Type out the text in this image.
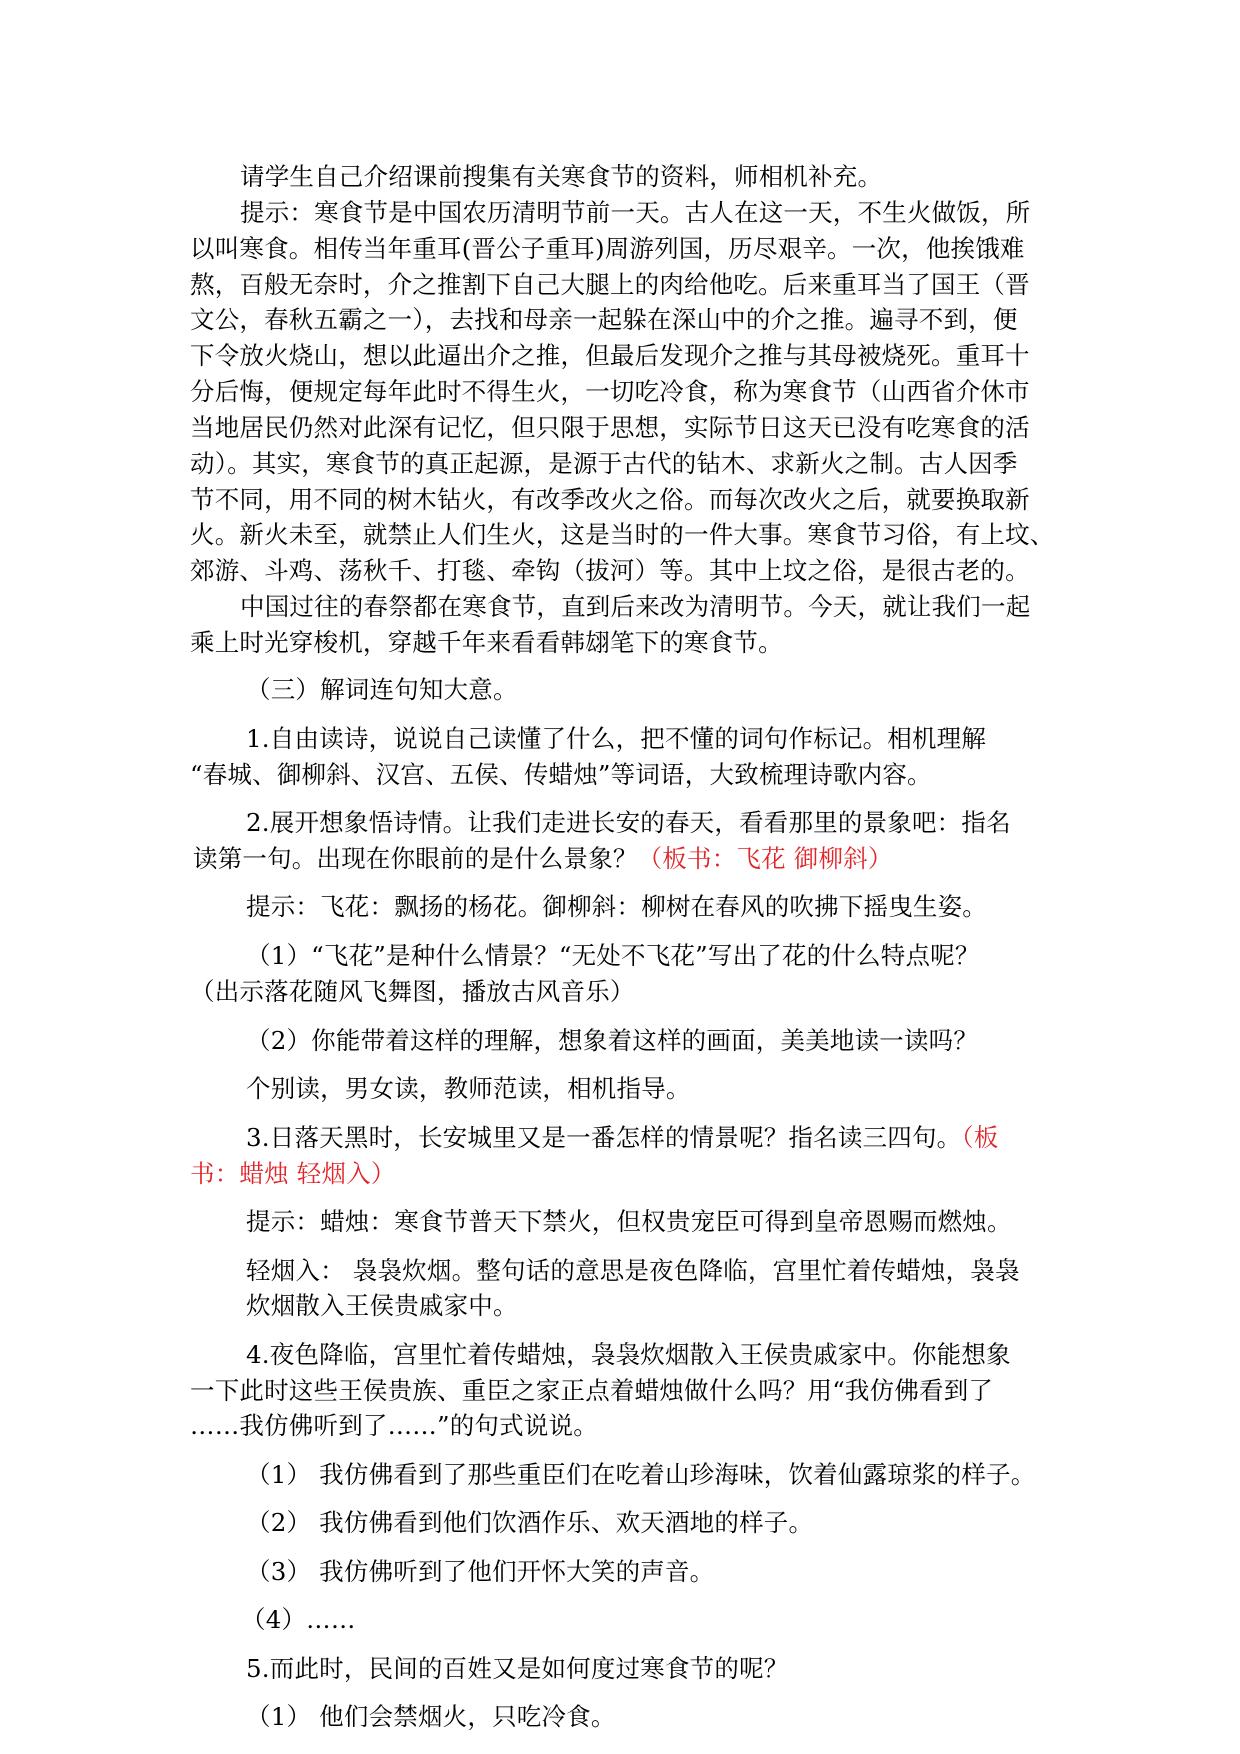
请学生自己介绍课前搜集有关寒食节的资料，师相机补充。
提示：寒食节是中国农历清明节前一天。古人在这一天，不生火做饭，所
以叫寒食。相传当年重耳(晋公子重耳)周游列国，历尽艰辛。一次，他挨饿难
熬，百般无奈时，介之推割下自己大腿上的肉给他吃。后来重耳当了国王（晋
文公，春秋五霸之一），去找和母亲一起躲在深山中的介之推。遍寻不到，便
下令放火烧山，想以此逼出介之推，但最后发现介之推与其母被烧死。重耳十
分后悔，便规定每年此时不得生火，一切吃冷食，称为寒食节（山西省介休市
当地居民仍然对此深有记忆，但只限于思想，实际节日这天已没有吃寒食的活
动）。其实，寒食节的真正起源，是源于古代的钻木、求新火之制。古人因季
节不同，用不同的树木钻火，有改季改火之俗。而每次改火之后，就要换取新
火。新火未至，就禁止人们生火，这是当时的一件大事。寒食节习俗，有上坟、
郊游、斗鸡、荡秋千、打毯、牵钩（拔河）等。其中上坟之俗，是很古老的。
中国过往的春祭都在寒食节，直到后来改为清明节。今天，就让我们一起
乘上时光穿梭机，穿越千年来看看韩翃笔下的寒食节。
（三）解词连句知大意。
1.自由读诗，说说自己读懂了什么，把不懂的词句作标记。相机理解
“春城、御柳斜、汉宫、五侯、传蜡烛”等词语，大致梳理诗歌内容。
2.展开想象悟诗情。让我们走进长安的春天，看看那里的景象吧：指名
读第一句。出现在你眼前的是什么景象？（板书：飞花 御柳斜）
提示：飞花：飘扬的杨花。御柳斜：柳树在春风的吹拂下摇曳生姿。
（1）“飞花”是种什么情景？“无处不飞花”写出了花的什么特点呢？
（出示落花随风飞舞图，播放古风音乐）
（2）你能带着这样的理解，想象着这样的画面，美美地读一读吗？
个别读，男女读，教师范读，相机指导。
3.日落天黑时，长安城里又是一番怎样的情景呢？指名读三四句。（板
书：蜡烛 轻烟入）
提示：蜡烛：寒食节普天下禁火，但权贵宠臣可得到皇帝恩赐而燃烛。
轻烟入： 袅袅炊烟。整句话的意思是夜色降临，宫里忙着传蜡烛，袅袅
炊烟散入王侯贵戚家中。
4.夜色降临，宫里忙着传蜡烛，袅袅炊烟散入王侯贵戚家中。你能想象
一下此时这些王侯贵族、重臣之家正点着蜡烛做什么吗？用“我仿佛看到了
……我仿佛听到了……”的句式说说。
（1） 我仿佛看到了那些重臣们在吃着山珍海味，饮着仙露琼浆的样子。
（2） 我仿佛看到他们饮酒作乐、欢天酒地的样子。
（3） 我仿佛听到了他们开怀大笑的声音。
（4）……
5.而此时，民间的百姓又是如何度过寒食节的呢？
（1） 他们会禁烟火，只吃冷食。
